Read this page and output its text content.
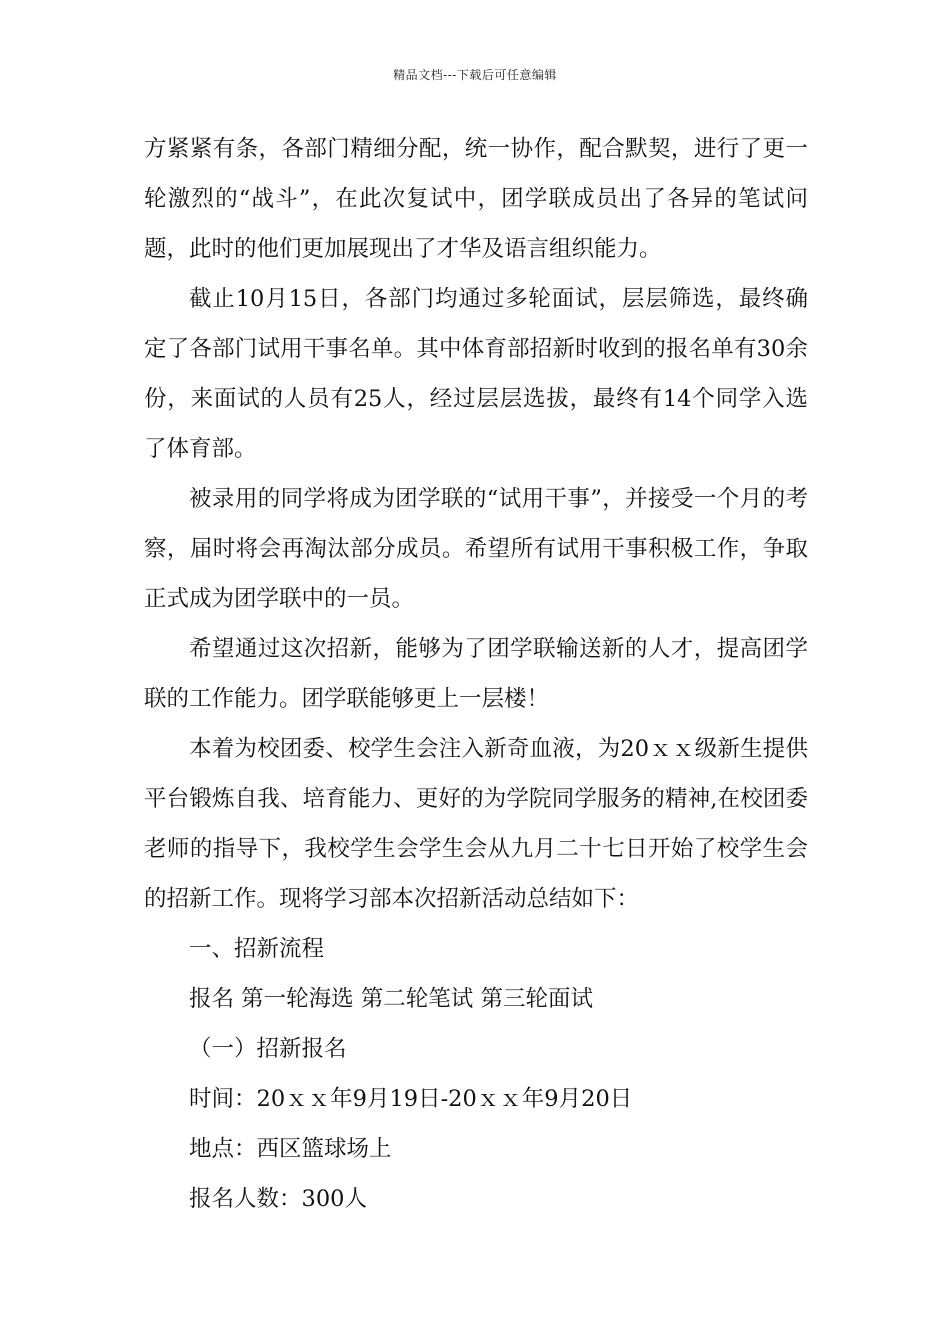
精品文档---下载后可任意编辑

方紧紧有条，各部门精细分配，统一协作，配合默契，进行了更一轮激烈的“战斗”，在此次复试中，团学联成员出了各异的笔试问题，此时的他们更加展现出了才华及语言组织能力。

截止10月15日，各部门均通过多轮面试，层层筛选，最终确定了各部门试用干事名单。其中体育部招新时收到的报名单有30余份，来面试的人员有25人，经过层层选拔，最终有14个同学入选了体育部。

被录用的同学将成为团学联的“试用干事”，并接受一个月的考察，届时将会再淘汰部分成员。希望所有试用干事积极工作，争取正式成为团学联中的一员。

希望通过这次招新，能够为了团学联输送新的人才，提高团学联的工作能力。团学联能够更上一层楼！

本着为校团委、校学生会注入新奇血液，为20ｘｘ级新生提供平台锻炼自我、培育能力、更好的为学院同学服务的精神,在校团委老师的指导下，我校学生会学生会从九月二十七日开始了校学生会的招新工作。现将学习部本次招新活动总结如下：

一、招新流程

报名 第一轮海选 第二轮笔试 第三轮面试

（一）招新报名

时间：20ｘｘ年9月19日-20ｘｘ年9月20日

地点：西区篮球场上

报名人数：300人
